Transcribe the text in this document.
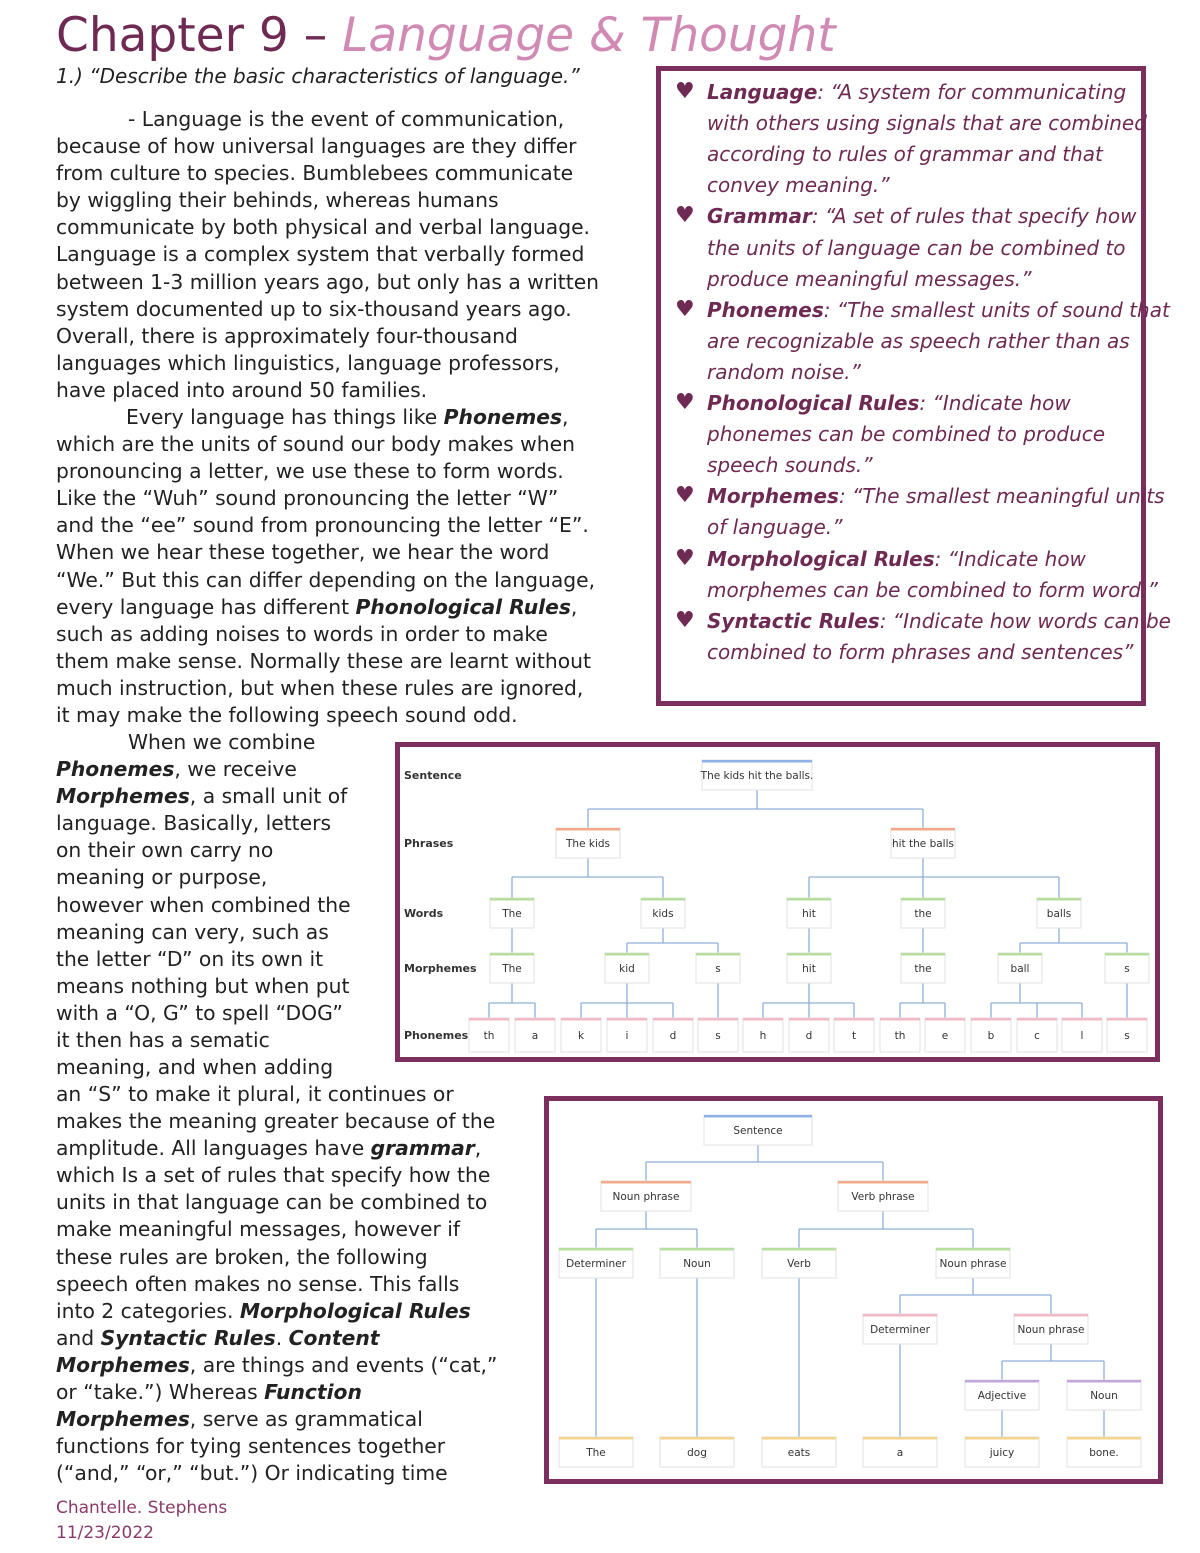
Chapter 9 – Language & Thought
1.) “Describe the basic characteristics of language.”
- Language is the event of communication,
because of how universal languages are they differ
from culture to species. Bumblebees communicate
by wiggling their behinds, whereas humans
communicate by both physical and verbal language.
Language is a complex system that verbally formed
between 1-3 million years ago, but only has a written
system documented up to six-thousand years ago.
Overall, there is approximately four-thousand
languages which linguistics, language professors,
have placed into around 50 families.
Every language has things like Phonemes,
which are the units of sound our body makes when
pronouncing a letter, we use these to form words.
Like the “Wuh” sound pronouncing the letter “W”
and the “ee” sound from pronouncing the letter “E”.
When we hear these together, we hear the word
“We.” But this can differ depending on the language,
every language has different Phonological Rules,
such as adding noises to words in order to make
them make sense. Normally these are learnt without
much instruction, but when these rules are ignored,
it may make the following speech sound odd.
When we combine
Phonemes, we receive
Morphemes, a small unit of
language. Basically, letters
on their own carry no
meaning or purpose,
however when combined the
meaning can very, such as
the letter “D” on its own it
means nothing but when put
with a “O, G” to spell “DOG”
it then has a sematic
meaning, and when adding
an “S” to make it plural, it continues or
makes the meaning greater because of the
amplitude. All languages have grammar,
which Is a set of rules that specify how the
units in that language can be combined to
make meaningful messages, however if
these rules are broken, the following
speech often makes no sense. This falls
into 2 categories. Morphological Rules
and Syntactic Rules. Content
Morphemes, are things and events (“cat,”
or “take.”) Whereas Function
Morphemes, serve as grammatical
functions for tying sentences together
(“and,” “or,” “but.”) Or indicating time
♥ Language: “A system for communicating
with others using signals that are combined
according to rules of grammar and that
convey meaning.”
♥ Grammar: “A set of rules that specify how
the units of language can be combined to
produce meaningful messages.”
♥ Phonemes: “The smallest units of sound that
are recognizable as speech rather than as
random noise.”
♥ Phonological Rules: “Indicate how
phonemes can be combined to produce
speech sounds.”
♥ Morphemes: “The smallest meaningful units
of language.”
♥ Morphological Rules: “Indicate how
morphemes can be combined to form word.”
♥ Syntactic Rules: “Indicate how words can be
combined to form phrases and sentences”
Sentence
Phrases
Words
Morphemes
Phonemes
The kids hit the balls.
The kids	hit the balls
The	kids	hit	the	balls
The	kid	s	hit	the	ball	s
th	a	k	i	d	s	h	d	t	th	e	b	c	l	s
Sentence
Noun phrase	Verb phrase
Determiner	Noun	Verb	Noun phrase
Determiner	Noun phrase
Adjective	Noun
The	dog	eats	a	juicy	bone.
Chantelle. Stephens
11/23/2022
